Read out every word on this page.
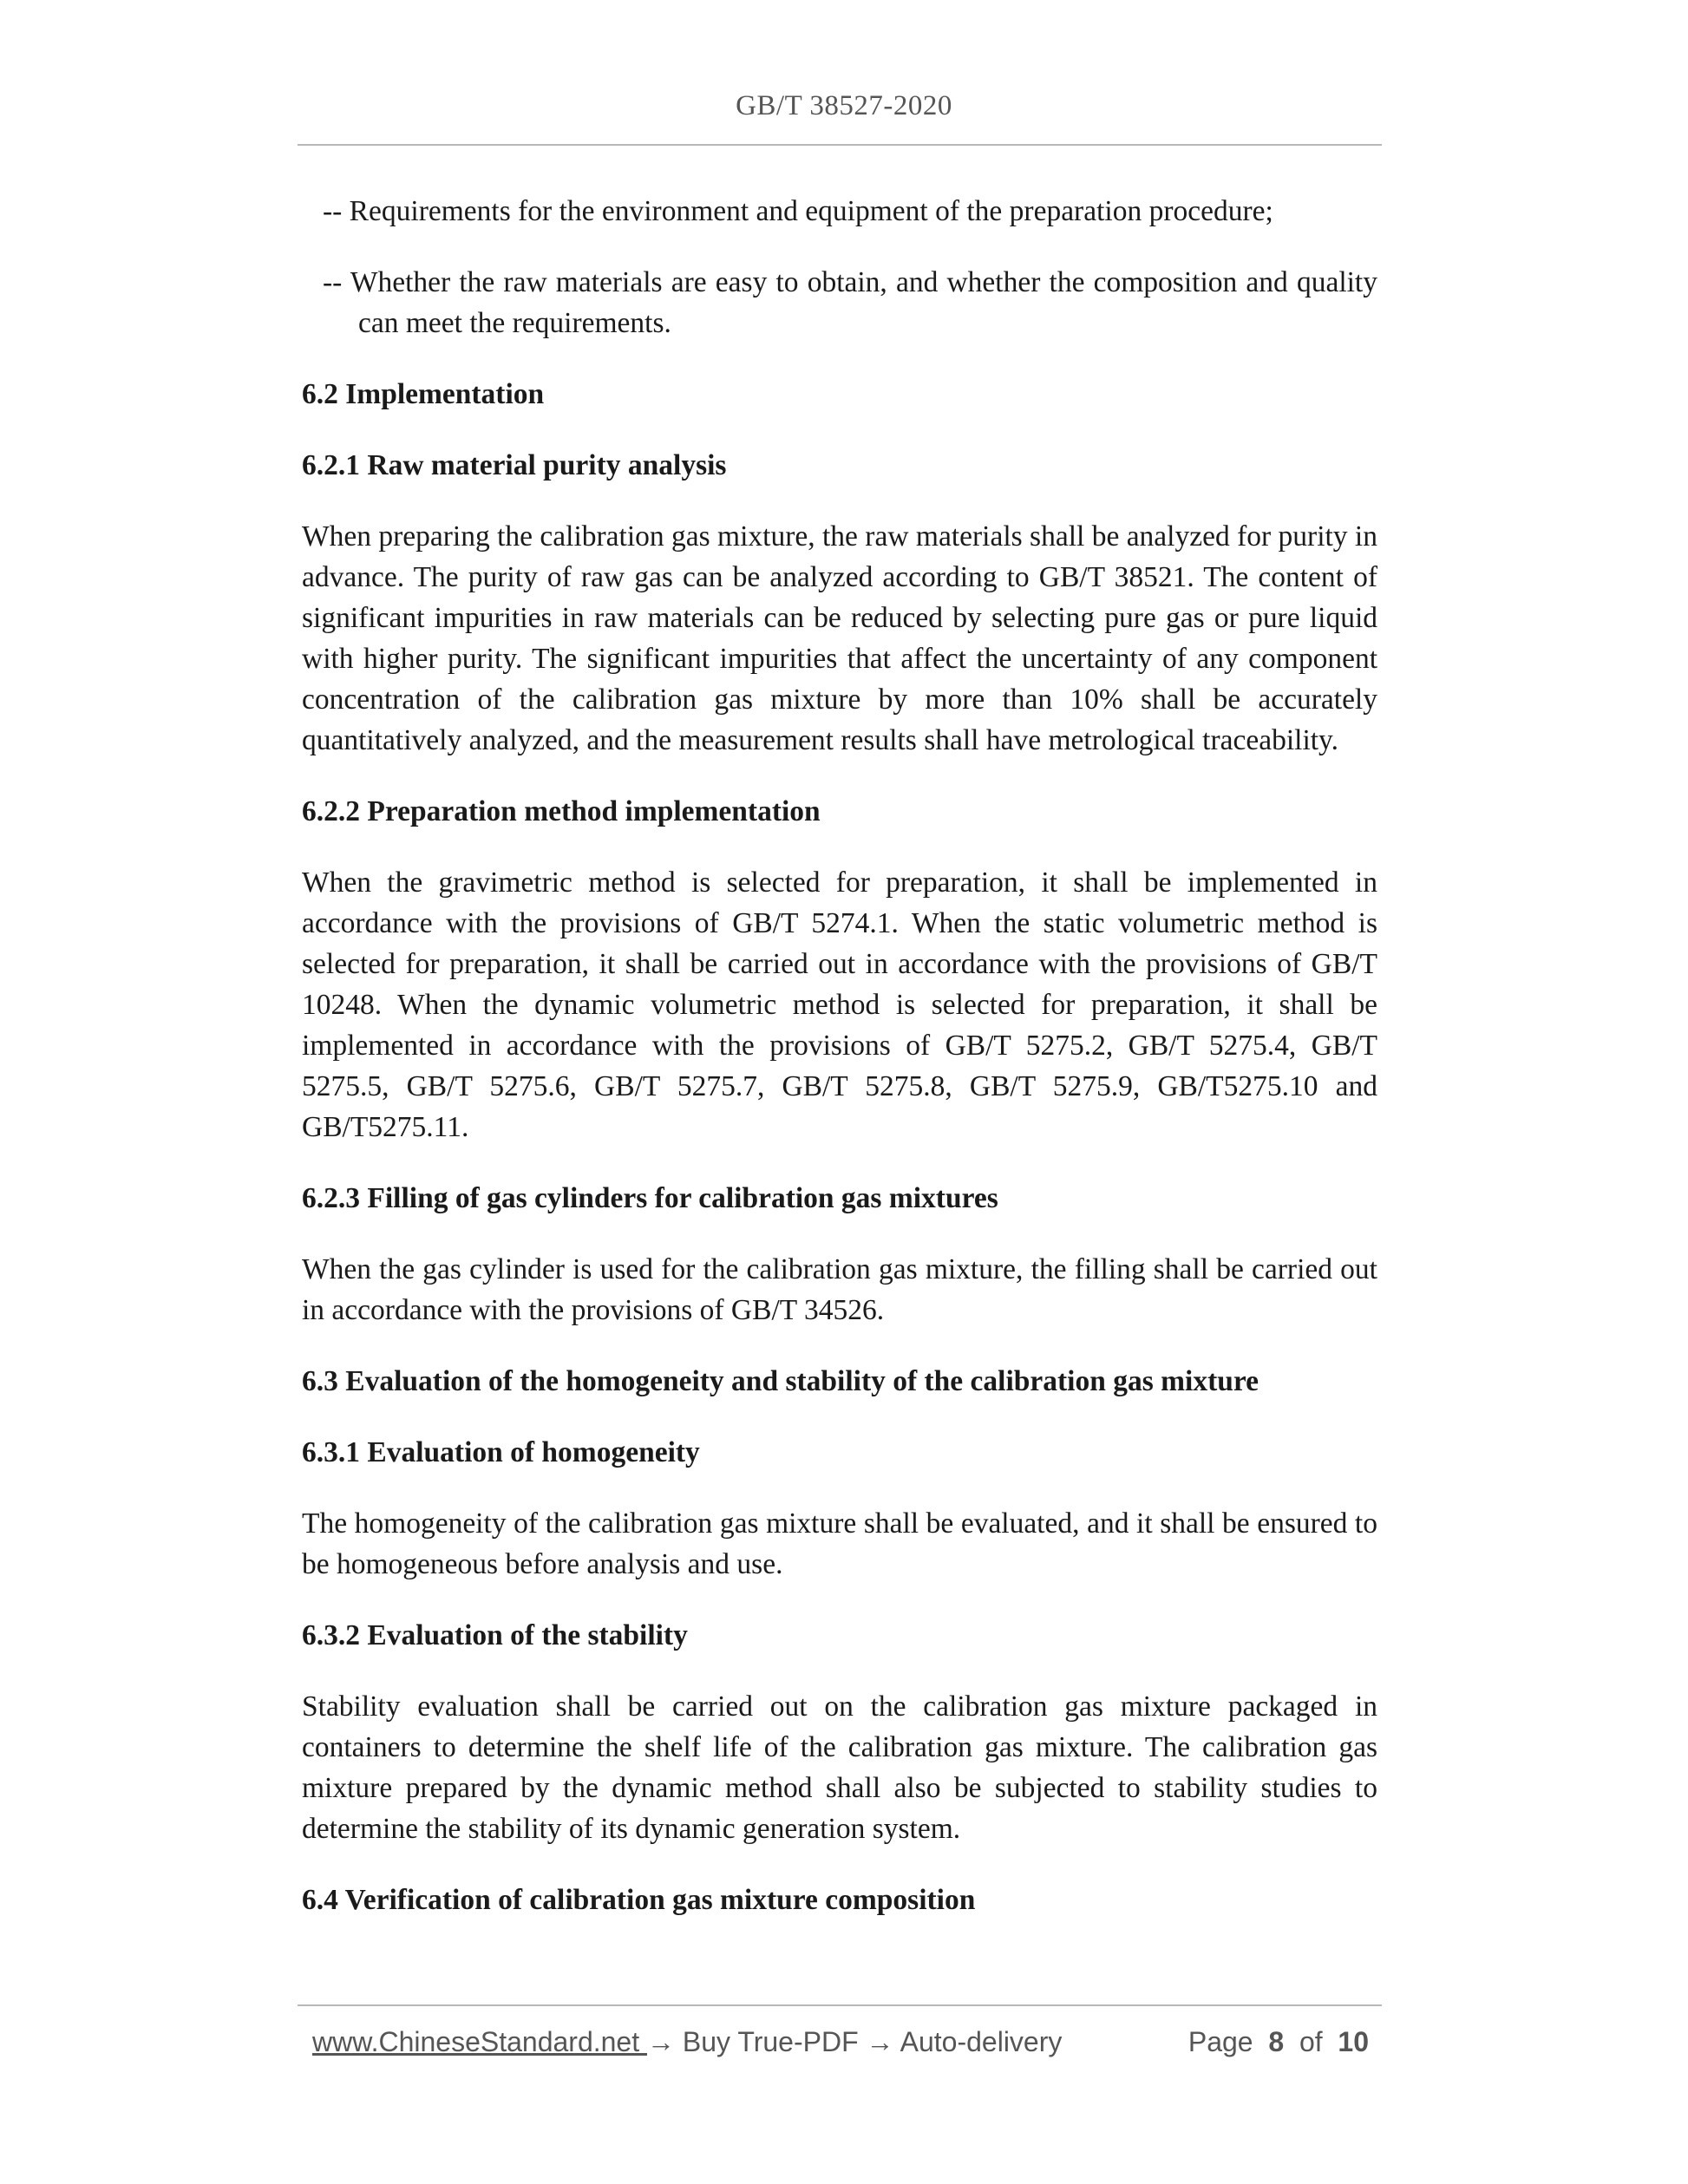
GB/T 38527-2020
-- Requirements for the environment and equipment of the preparation procedure;
-- Whether the raw materials are easy to obtain, and whether the composition and quality can meet the requirements.
6.2 Implementation
6.2.1 Raw material purity analysis
When preparing the calibration gas mixture, the raw materials shall be analyzed for purity in advance. The purity of raw gas can be analyzed according to GB/T 38521. The content of significant impurities in raw materials can be reduced by selecting pure gas or pure liquid with higher purity. The significant impurities that affect the uncertainty of any component concentration of the calibration gas mixture by more than 10% shall be accurately quantitatively analyzed, and the measurement results shall have metrological traceability.
6.2.2 Preparation method implementation
When the gravimetric method is selected for preparation, it shall be implemented in accordance with the provisions of GB/T 5274.1. When the static volumetric method is selected for preparation, it shall be carried out in accordance with the provisions of GB/T 10248. When the dynamic volumetric method is selected for preparation, it shall be implemented in accordance with the provisions of GB/T 5275.2, GB/T 5275.4, GB/T 5275.5, GB/T 5275.6, GB/T 5275.7, GB/T 5275.8, GB/T 5275.9, GB/T5275.10 and GB/T5275.11.
6.2.3 Filling of gas cylinders for calibration gas mixtures
When the gas cylinder is used for the calibration gas mixture, the filling shall be carried out in accordance with the provisions of GB/T 34526.
6.3 Evaluation of the homogeneity and stability of the calibration gas mixture
6.3.1 Evaluation of homogeneity
The homogeneity of the calibration gas mixture shall be evaluated, and it shall be ensured to be homogeneous before analysis and use.
6.3.2 Evaluation of the stability
Stability evaluation shall be carried out on the calibration gas mixture packaged in containers to determine the shelf life of the calibration gas mixture. The calibration gas mixture prepared by the dynamic method shall also be subjected to stability studies to determine the stability of its dynamic generation system.
6.4 Verification of calibration gas mixture composition
www.ChineseStandard.net → Buy True-PDF → Auto-delivery	Page 8 of 10
